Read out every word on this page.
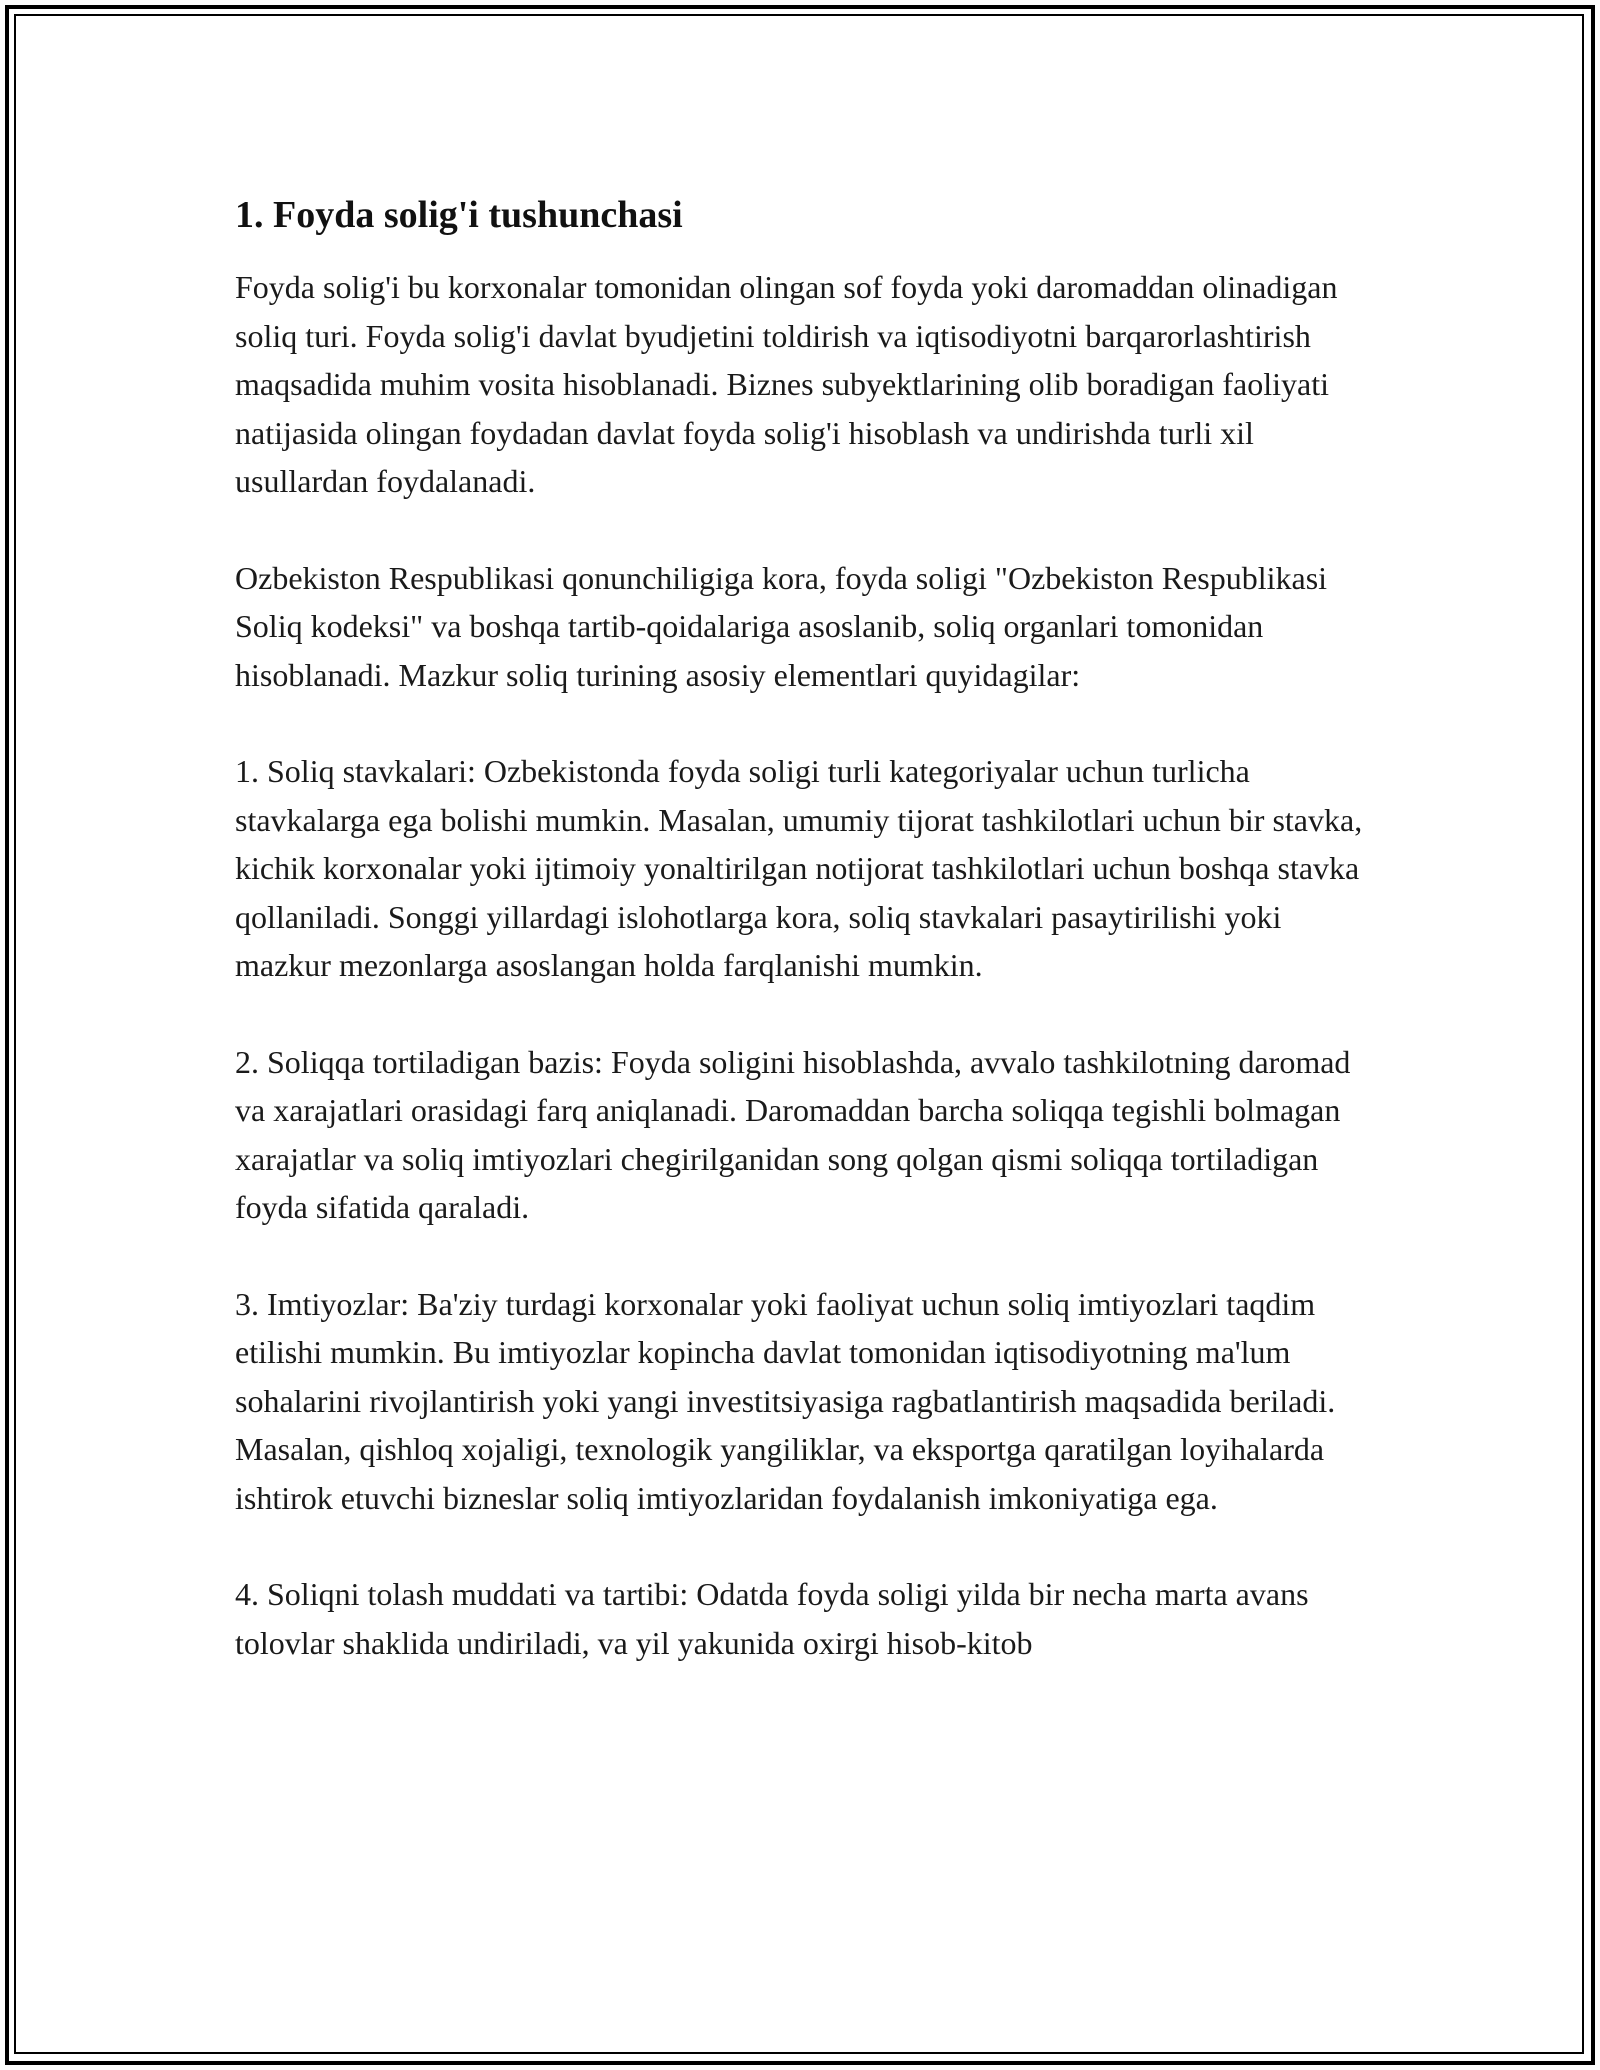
1. Foyda solig'i tushunchasi

Foyda solig'i bu korxonalar tomonidan olingan sof foyda yoki daromaddan olinadigan soliq turi. Foyda solig'i davlat byudjetini toldirish va iqtisodiyotni barqarorlashtirish maqsadida muhim vosita hisoblanadi. Biznes subyektlarining olib boradigan faoliyati natijasida olingan foydadan davlat foyda solig'i hisoblash va undirishda turli xil usullardan foydalanadi.

Ozbekiston Respublikasi qonunchiligiga kora, foyda soligi "Ozbekiston Respublikasi Soliq kodeksi" va boshqa tartib-qoidalariga asoslanib, soliq organlari tomonidan hisoblanadi. Mazkur soliq turining asosiy elementlari quyidagilar:

1. Soliq stavkalari: Ozbekistonda foyda soligi turli kategoriyalar uchun turlicha stavkalarga ega bolishi mumkin. Masalan, umumiy tijorat tashkilotlari uchun bir stavka, kichik korxonalar yoki ijtimoiy yonaltirilgan notijorat tashkilotlari uchun boshqa stavka qollaniladi. Songgi yillardagi islohotlarga kora, soliq stavkalari pasaytirilishi yoki mazkur mezonlarga asoslangan holda farqlanishi mumkin.

2. Soliqqa tortiladigan bazis: Foyda soligini hisoblashda, avvalo tashkilotning daromad va xarajatlari orasidagi farq aniqlanadi. Daromaddan barcha soliqqa tegishli bolmagan xarajatlar va soliq imtiyozlari chegirilganidan song qolgan qismi soliqqa tortiladigan foyda sifatida qaraladi.

3. Imtiyozlar: Ba'ziy turdagi korxonalar yoki faoliyat uchun soliq imtiyozlari taqdim etilishi mumkin. Bu imtiyozlar kopincha davlat tomonidan iqtisodiyotning ma'lum sohalarini rivojlantirish yoki yangi investitsiyasiga ragbatlantirish maqsadida beriladi. Masalan, qishloq xojaligi, texnologik yangiliklar, va eksportga qaratilgan loyihalarda ishtirok etuvchi bizneslar soliq imtiyozlaridan foydalanish imkoniyatiga ega.

4. Soliqni tolash muddati va tartibi: Odatda foyda soligi yilda bir necha marta avans tolovlar shaklida undiriladi, va yil yakunida oxirgi hisob-kitob
